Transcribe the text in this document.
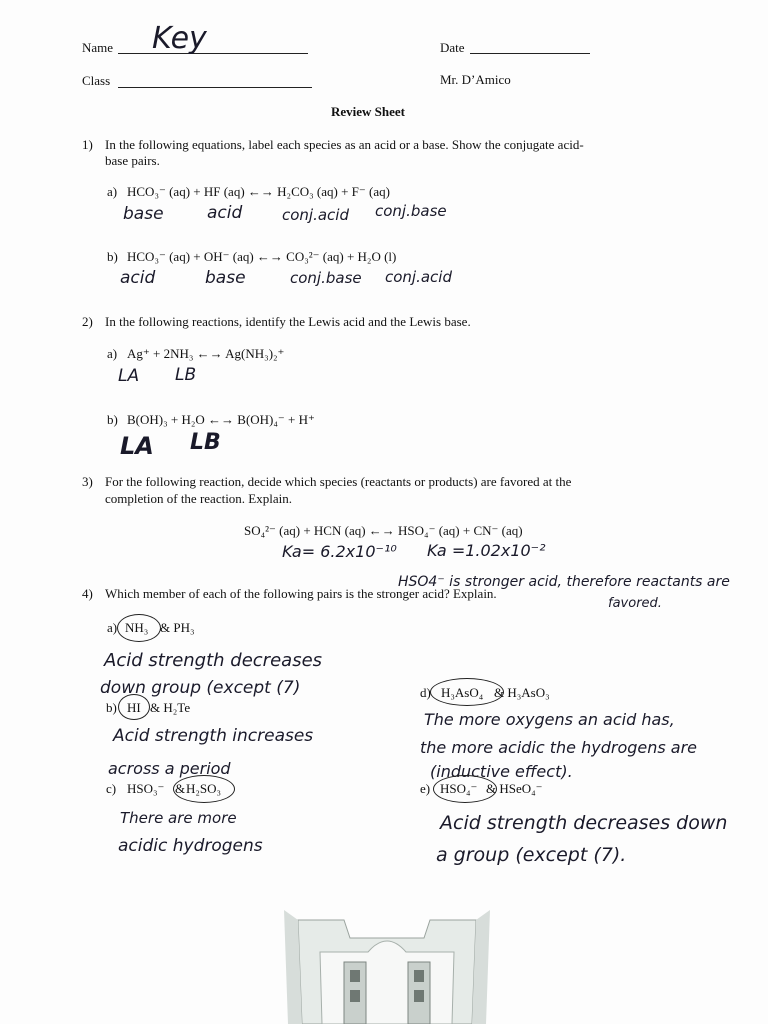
Name Key	Date
Class	Mr. D’Amico
Review Sheet
1) In the following equations, label each species as an acid or a base. Show the conjugate acid-
base pairs.
a) HCO₃⁻ (aq) + HF (aq) ←→ H₂CO₃ (aq) + F⁻ (aq)
base	acid	conj.acid conj.base
b) HCO₃⁻ (aq) + OH⁻ (aq) ←→ CO₃²⁻ (aq) + H₂O (l)
acid	base	conj.base conj.acid
2) In the following reactions, identify the Lewis acid and the Lewis base.
a) Ag⁺ + 2NH₃ ←→ Ag(NH₃)₂⁺
LA LB
b) B(OH)₃ + H₂O ←→ B(OH)₄⁻ + H⁺
LA LB
3) For the following reaction, decide which species (reactants or products) are favored at the
completion of the reaction. Explain.
SO₄²⁻ (aq) + HCN (aq) ←→ HSO₄⁻ (aq) + CN⁻ (aq)
Ka= 6.2x10⁻¹⁰ Ka =1.02x10⁻²
HSO4⁻ is stronger acid, therefore reactants are
favored.
4) Which member of each of the following pairs is the stronger acid? Explain.
a) NH₃ & PH₃
Acid strength decreases
down group (except (7)
b) HI & H₂Te
Acid strength increases
across a period
c) HSO₃⁻ & H₂SO₃
There are more
acidic hydrogens
d) H₃AsO₄ & H₃AsO₃
The more oxygens an acid has,
the more acidic the hydrogens are
(inductive effect).
e) HSO₄⁻ & HSeO₄⁻
Acid strength decreases down
a group (except (7).
